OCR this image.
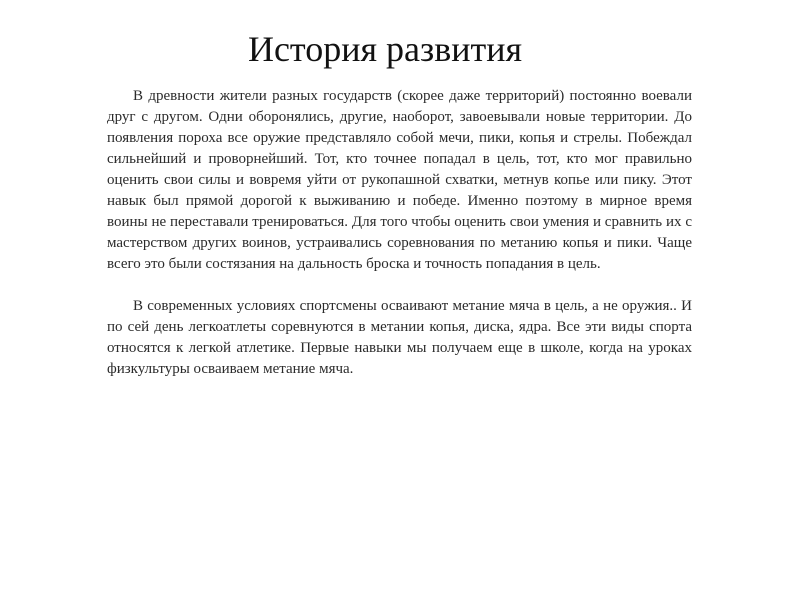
История развития

В древности жители разных государств (скорее даже территорий) постоянно воевали друг с другом. Одни оборонялись, другие, наоборот, завоевывали новые территории. До появления пороха все оружие представляло собой мечи, пики, копья и стрелы. Побеждал сильнейший и проворнейший. Тот, кто точнее попадал в цель, тот, кто мог правильно оценить свои силы и вовремя уйти от рукопашной схватки, метнув копье или пику. Этот навык был прямой дорогой к выживанию и победе. Именно поэтому в мирное время воины не переставали тренироваться. Для того чтобы оценить свои умения и сравнить их с мастерством других воинов, устраивались соревнования по метанию копья и пики. Чаще всего это были состязания на дальность броска и точность попадания в цель.

В современных условиях спортсмены осваивают метание мяча в цель, а не оружия.. И по сей день легкоатлеты соревнуются в метании копья, диска, ядра. Все эти виды спорта относятся к легкой атлетике. Первые навыки мы получаем еще в школе, когда на уроках физкультуры осваиваем метание мяча.
